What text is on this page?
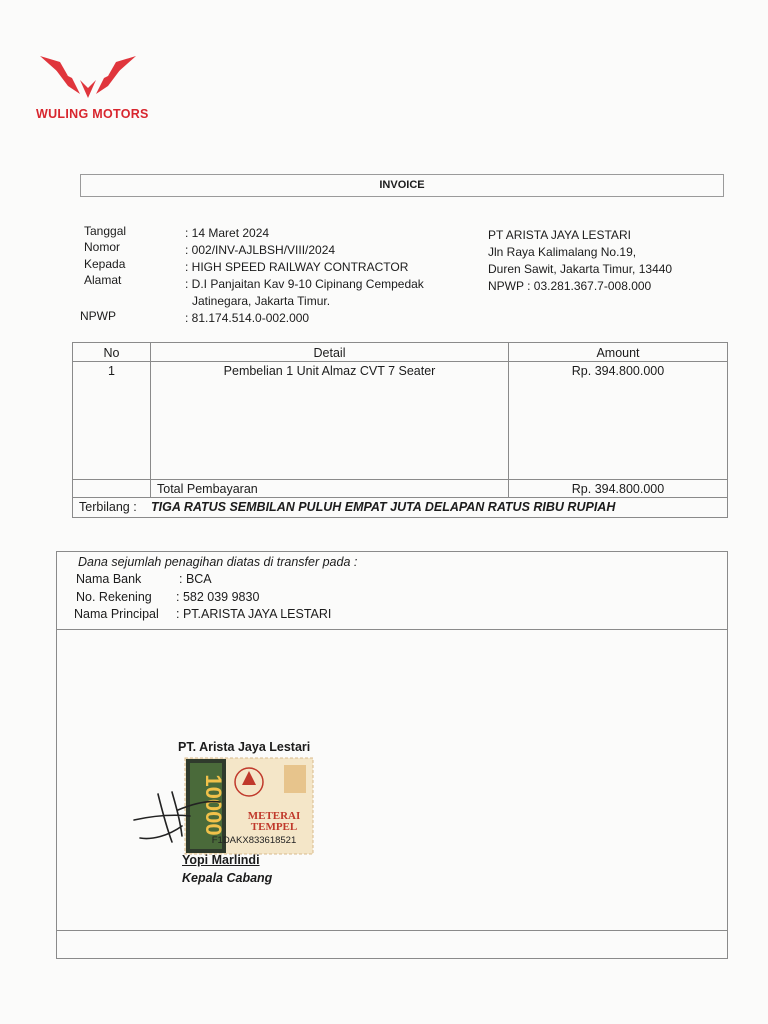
WULING MOTORS
INVOICE
Tanggal	: 14 Maret 2024
Nomor	: 002/INV-AJLBSH/VIII/2024
Kepada	: HIGH SPEED RAILWAY CONTRACTOR
Alamat	: D.I Panjaitan Kav 9-10 Cipinang Cempedak
Jatinegara, Jakarta Timur.
NPWP	: 81.174.514.0-002.000
PT ARISTA JAYA LESTARI
Jln Raya Kalimalang No.19,
Duren Sawit, Jakarta Timur, 13440
NPWP : 03.281.367.7-008.000
No	Detail	Amount
1	Pembelian 1 Unit Almaz CVT 7 Seater	Rp. 394.800.000
Total Pembayaran	Rp. 394.800.000
Terbilang : TIGA RATUS SEMBILAN PULUH EMPAT JUTA DELAPAN RATUS RIBU RUPIAH
Dana sejumlah penagihan diatas di transfer pada :
Nama Bank	: BCA
No. Rekening : 582 039 9830
Nama Principal : PT.ARISTA JAYA LESTARI
PT. Arista Jaya Lestari
10000 METERAI
TEMPEL
F1DAKX833618521
Yopi Marlindi
Kepala Cabang
